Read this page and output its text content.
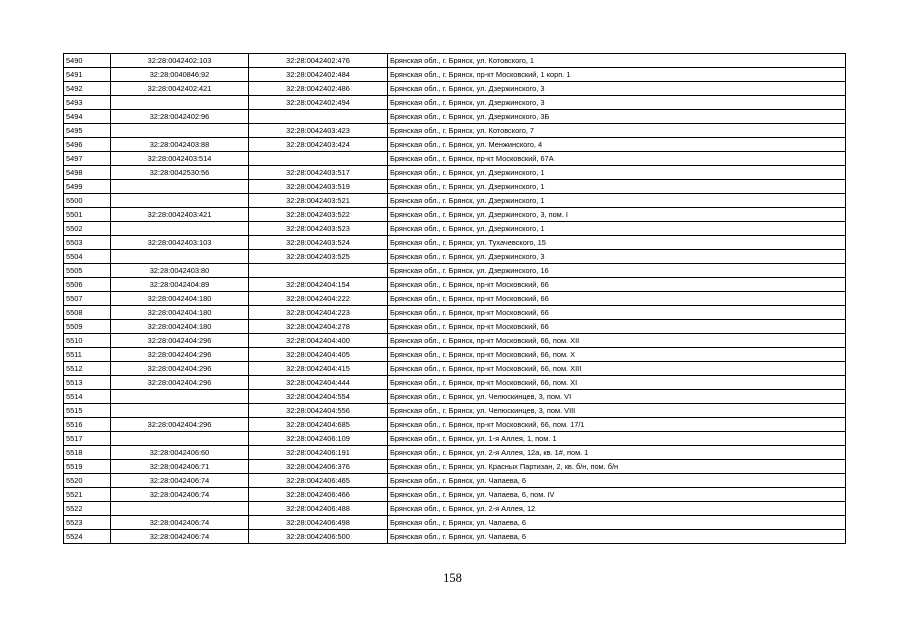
5490	32:28:0042402:103	32:28:0042402:476	Брянская обл., г. Брянск, ул. Котовского, 1
5491	32:28:0040846:92	32:28:0042402:484	Брянская обл., г. Брянск, пр-кт Московский, 1 корп. 1
5492	32:28:0042402:421	32:28:0042402:486	Брянская обл., г. Брянск, ул. Дзержинского, 3
5493		32:28:0042402:494	Брянская обл., г. Брянск, ул. Дзержинского, 3
5494	32:28:0042402:96		Брянская обл., г. Брянск, ул. Дзержинского, 3Б
5495		32:28:0042403:423	Брянская обл., г. Брянск, ул. Котовского, 7
5496	32:28:0042403:88	32:28:0042403:424	Брянская обл., г. Брянск, ул. Менжинского, 4
5497	32:28:0042403:514		Брянская обл., г. Брянск, пр-кт Московский, 67А
5498	32:28:0042530:56	32:28:0042403:517	Брянская обл., г. Брянск, ул. Дзержинского, 1
5499		32:28:0042403:519	Брянская обл., г. Брянск, ул. Дзержинского, 1
5500		32:28:0042403:521	Брянская обл., г. Брянск, ул. Дзержинского, 1
5501	32:28:0042403:421	32:28:0042403:522	Брянская обл., г. Брянск, ул. Дзержинского, 3, пом. I
5502		32:28:0042403:523	Брянская обл., г. Брянск, ул. Дзержинского, 1
5503	32:28:0042403:103	32:28:0042403:524	Брянская обл., г. Брянск, ул. Тухачевского, 15
5504		32:28:0042403:525	Брянская обл., г. Брянск, ул. Дзержинского, 3
5505	32:28:0042403:80		Брянская обл., г. Брянск, ул. Дзержинского, 16
5506	32:28:0042404:89	32:28:0042404:154	Брянская обл., г. Брянск, пр-кт Московский, 66
5507	32:28:0042404:180	32:28:0042404:222	Брянская обл., г. Брянск, пр-кт Московский, 66
5508	32:28:0042404:180	32:28:0042404:223	Брянская обл., г. Брянск, пр-кт Московский, 66
5509	32:28:0042404:180	32:28:0042404:278	Брянская обл., г. Брянск, пр-кт Московский, 66
5510	32:28:0042404:296	32:28:0042404:400	Брянская обл., г. Брянск, пр-кт Московский, 66, пом. XII
5511	32:28:0042404:296	32:28:0042404:405	Брянская обл., г. Брянск, пр-кт Московский, 66, пом. X
5512	32:28:0042404:296	32:28:0042404:415	Брянская обл., г. Брянск, пр-кт Московский, 66, пом. XIII
5513	32:28:0042404:296	32:28:0042404:444	Брянская обл., г. Брянск, пр-кт Московский, 66, пом. XI
5514		32:28:0042404:554	Брянская обл., г. Брянск, ул. Челюскинцев, 3, пом. VI
5515		32:28:0042404:556	Брянская обл., г. Брянск, ул. Челюскинцев, 3, пом. VIII
5516	32:28:0042404:296	32:28:0042404:685	Брянская обл., г. Брянск, пр-кт Московский, 66, пом. 17/1
5517		32:28:0042406:109	Брянская обл., г. Брянск, ул. 1-я Аллея, 1, пом. 1
5518	32:28:0042406:60	32:28:0042406:191	Брянская обл., г. Брянск, ул. 2-я Аллея, 12а, кв. 1#, пом. 1
5519	32:28:0042406:71	32:28:0042406:376	Брянская обл., г. Брянск, ул. Красных Партизан, 2, кв. б/н, пом. б/н
5520	32:28:0042406:74	32:28:0042406:465	Брянская обл., г. Брянск, ул. Чапаева, 6
5521	32:28:0042406:74	32:28:0042406:466	Брянская обл., г. Брянск, ул. Чапаева, 6, пом. IV
5522		32:28:0042406:488	Брянская обл., г. Брянск, ул. 2-я Аллея, 12
5523	32:28:0042406:74	32:28:0042406:498	Брянская обл., г. Брянск, ул. Чапаева, 6
5524	32:28:0042406:74	32:28:0042406:500	Брянская обл., г. Брянск, ул. Чапаева, 6
158
